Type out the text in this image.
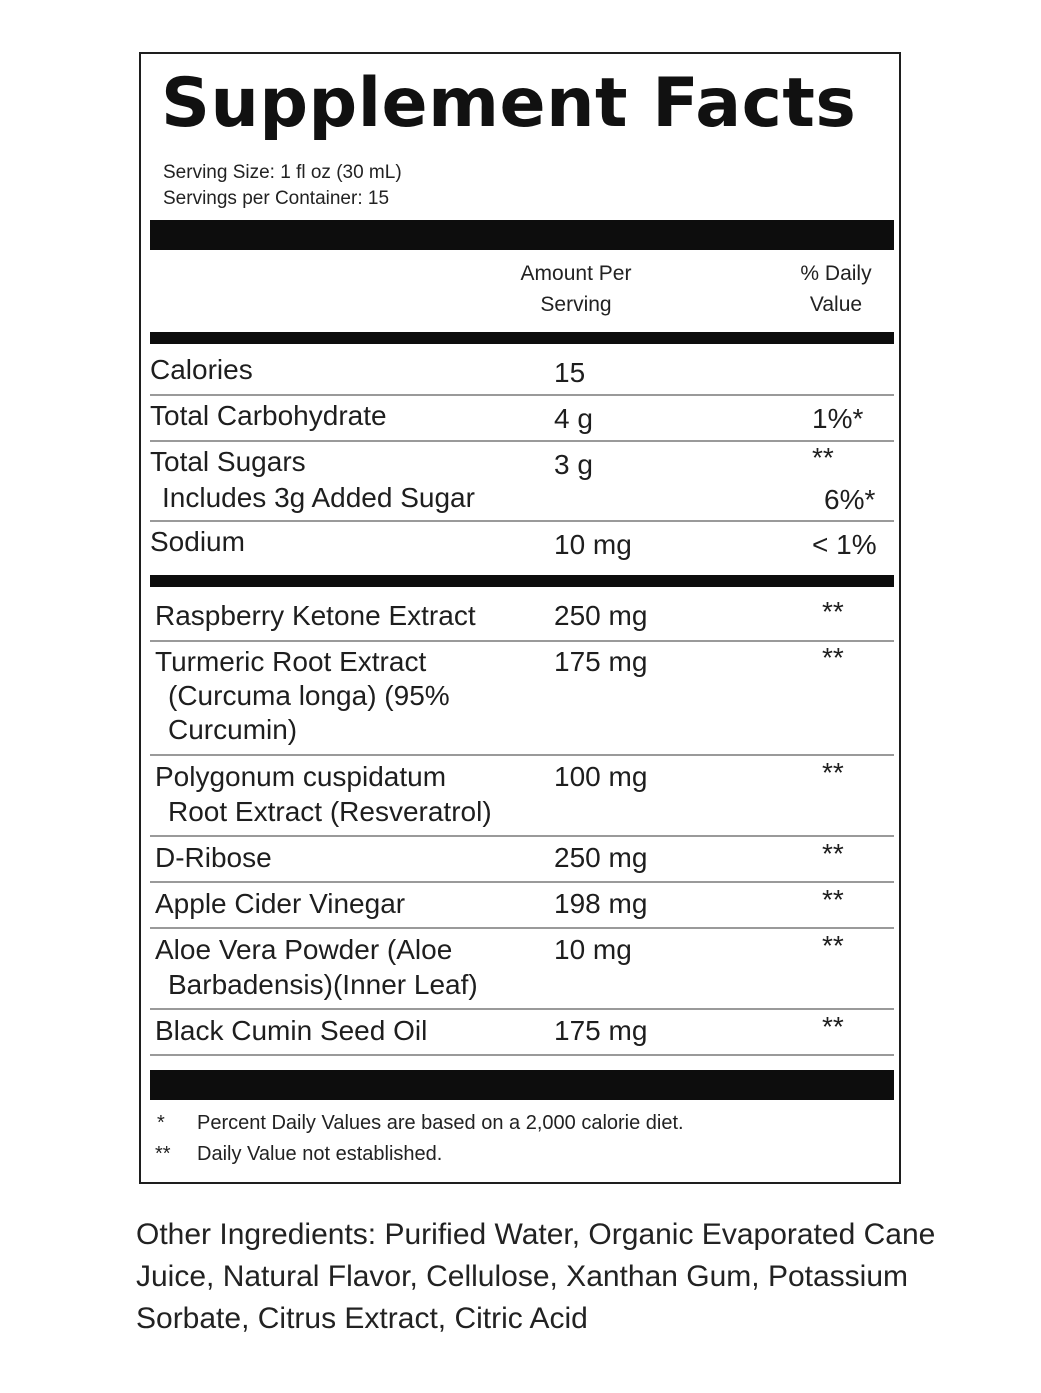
Supplement Facts
Serving Size: 1 fl oz (30 mL)
Servings per Container: 15
Amount Per
Serving
% Daily
Value
Calories	15
Total Carbohydrate	4 g	1%*
Total Sugars	3 g	**
Includes 3g Added Sugar	6%*
Sodium	10 mg	< 1%
Raspberry Ketone Extract	250 mg	**
Turmeric Root Extract
(Curcuma longa) (95%
Curcumin)
175 mg	**
Polygonum cuspidatum
Root Extract (Resveratrol)
100 mg	**
D-Ribose	250 mg	**
Apple Cider Vinegar	198 mg	**
Aloe Vera Powder (Aloe
Barbadensis)(Inner Leaf)
10 mg	**
Black Cumin Seed Oil	175 mg	**
* Percent Daily Values are based on a 2,000 calorie diet.
** Daily Value not established.
Other Ingredients: Purified Water, Organic Evaporated Cane Juice, Natural Flavor, Cellulose, Xanthan Gum, Potassium Sorbate, Citrus Extract, Citric Acid
